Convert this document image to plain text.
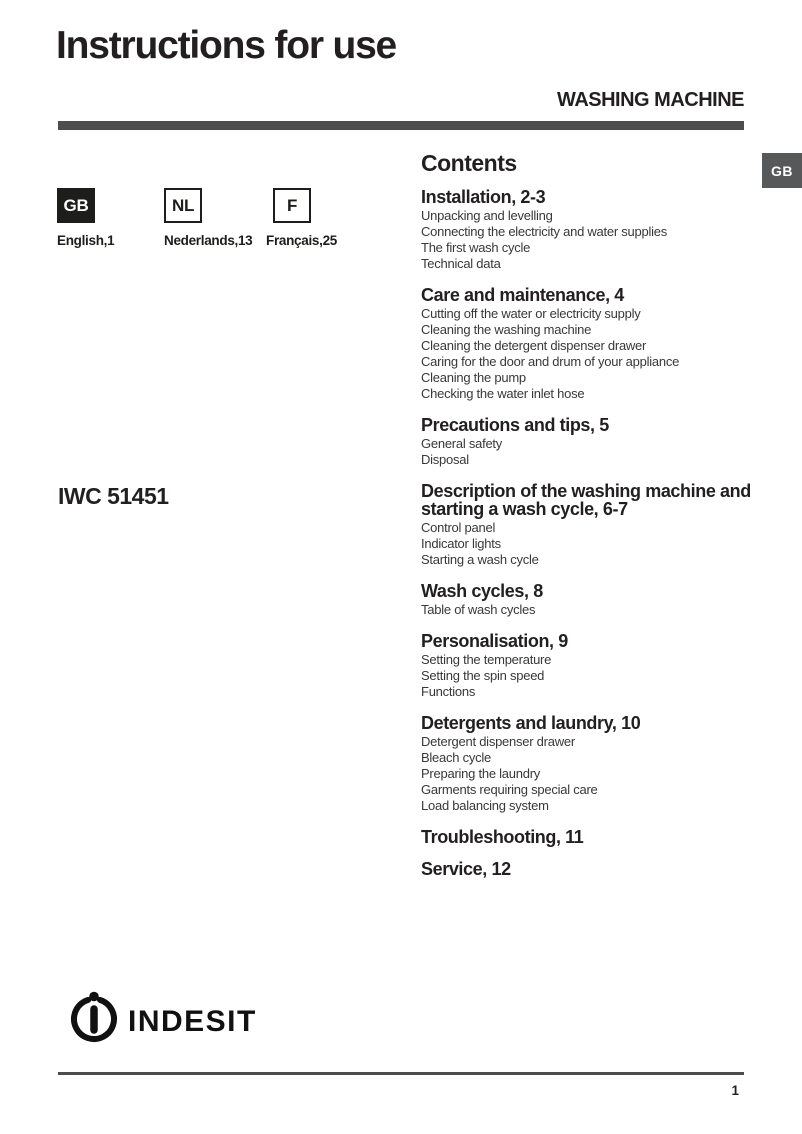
Instructions for use
WASHING MACHINE
GB
GB
English,1
NL
Nederlands,13
F
Français,25
IWC 51451
Contents
Installation, 2-3
Unpacking and levelling
Connecting the electricity and water supplies
The first wash cycle
Technical data
Care and maintenance, 4
Cutting off the water or electricity supply
Cleaning the washing machine
Cleaning the detergent dispenser drawer
Caring for the door and drum of your appliance
Cleaning the pump
Checking the water inlet hose
Precautions and tips, 5
General safety
Disposal
Description of the washing machine and starting a wash cycle, 6-7
Control panel
Indicator lights
Starting a wash cycle
Wash cycles, 8
Table of wash cycles
Personalisation, 9
Setting the temperature
Setting the spin speed
Functions
Detergents and laundry, 10
Detergent dispenser drawer
Bleach cycle
Preparing the laundry
Garments requiring special care
Load balancing system
Troubleshooting, 11
Service, 12
INDESIT
1
